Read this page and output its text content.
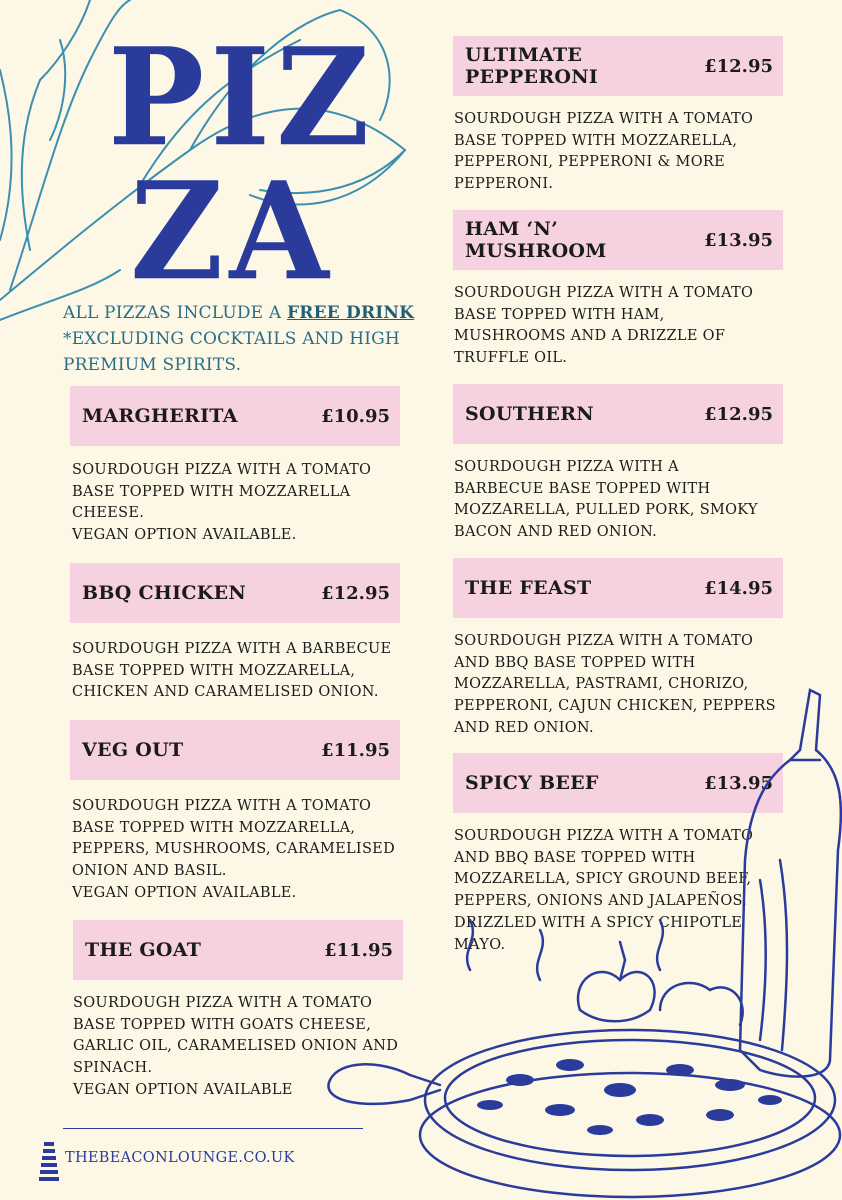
PIZ
ZA
ALL PIZZAS INCLUDE A FREE DRINK
*EXCLUDING COCKTAILS AND HIGH PREMIUM SPIRITS.
MARGHERITA	£10.95
SOURDOUGH PIZZA WITH A TOMATO
BASE TOPPED WITH MOZZARELLA
CHEESE.
VEGAN OPTION AVAILABLE.
BBQ CHICKEN	£12.95
SOURDOUGH PIZZA WITH A BARBECUE
BASE TOPPED WITH MOZZARELLA,
CHICKEN AND CARAMELISED ONION.
VEG OUT	£11.95
SOURDOUGH PIZZA WITH A TOMATO
BASE TOPPED WITH MOZZARELLA,
PEPPERS, MUSHROOMS, CARAMELISED
ONION AND BASIL.
VEGAN OPTION AVAILABLE.
THE GOAT	£11.95
SOURDOUGH PIZZA WITH A TOMATO
BASE TOPPED WITH GOATS CHEESE,
GARLIC OIL, CARAMELISED ONION AND
SPINACH.
VEGAN OPTION AVAILABLE
ULTIMATE PEPPERONI	£12.95
SOURDOUGH PIZZA WITH A TOMATO
BASE TOPPED WITH MOZZARELLA,
PEPPERONI, PEPPERONI & MORE
PEPPERONI.
HAM ‘N’ MUSHROOM	£13.95
SOURDOUGH PIZZA WITH A TOMATO
BASE TOPPED WITH HAM,
MUSHROOMS AND A DRIZZLE OF
TRUFFLE OIL.
SOUTHERN	£12.95
SOURDOUGH PIZZA WITH A
BARBECUE BASE TOPPED WITH
MOZZARELLA, PULLED PORK, SMOKY
BACON AND RED ONION.
THE FEAST	£14.95
SOURDOUGH PIZZA WITH A TOMATO
AND BBQ BASE TOPPED WITH
MOZZARELLA, PASTRAMI, CHORIZO,
PEPPERONI, CAJUN CHICKEN, PEPPERS
AND RED ONION.
SPICY BEEF	£13.95
SOURDOUGH PIZZA WITH A TOMATO
AND BBQ BASE TOPPED WITH
MOZZARELLA, SPICY GROUND BEEF,
PEPPERS, ONIONS AND JALAPEÑOS,
DRIZZLED WITH A SPICY CHIPOTLE
MAYO.
THEBEACONLOUNGE.CO.UK
